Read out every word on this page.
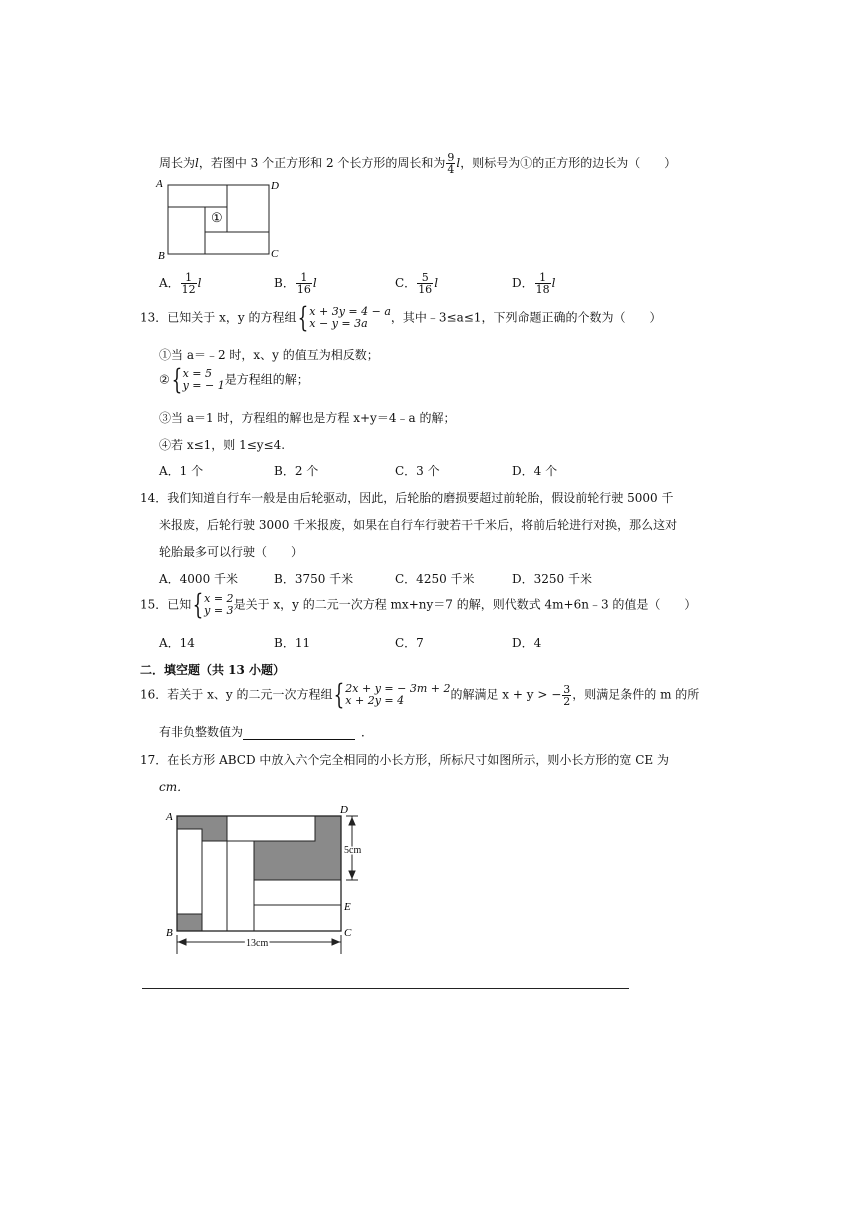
周长为l，若图中 3 个正方形和 2 个长方形的周长和为 $\frac{9}{4}$ l，则标号为①的正方形的边长为（　　）
A	D
B	C
①
A． $\frac{1}{12}$ l	B． $\frac{1}{16}$ l	C． $\frac{5}{16}$ l	D． $\frac{1}{18}$ l
13．已知关于 x，y 的方程组{x + 3y = 4 − a
x − y = 3a ，其中﹣3≤a≤1，下列命题正确的个数为（　　）
①当 a＝﹣2 时，x、y 的值互为相反数；
②{x = 5
y = − 1是方程组的解；
③当 a＝1 时，方程组的解也是方程 x+y＝4﹣a 的解；
④若 x≤1，则 1≤y≤4.
A．1 个	B．2 个	C．3 个	D．4 个
14．我们知道自行车一般是由后轮驱动，因此，后轮胎的磨损要超过前轮胎，假设前轮行驶 5000 千
米报废，后轮行驶 3000 千米报废，如果在自行车行驶若干千米后，将前后轮进行对换，那么这对
轮胎最多可以行驶（　　）
A．4000 千米	B．3750 千米	C．4250 千米	D．3250 千米
15．已知{x = 2
y = 3是关于 x，y 的二元一次方程 mx+ny＝7 的解，则代数式 4m+6n﹣3 的值是（　　）
A．14	B．11	C．7	D．4
二．填空题（共 13 小题）
16．若关于 x、y 的二元一次方程组{2x + y = − 3m + 2
x + 2y = 4	的解满足 x + y > − $\frac{3}{2}$ ，则满足条件的 m 的所
有非负整数值为	．
17．在长方形 ABCD 中放入六个完全相同的小长方形，所标尺寸如图所示，则小长方形的宽 CE 为
cm．
A
D
B	C
E
5cm
13cm
